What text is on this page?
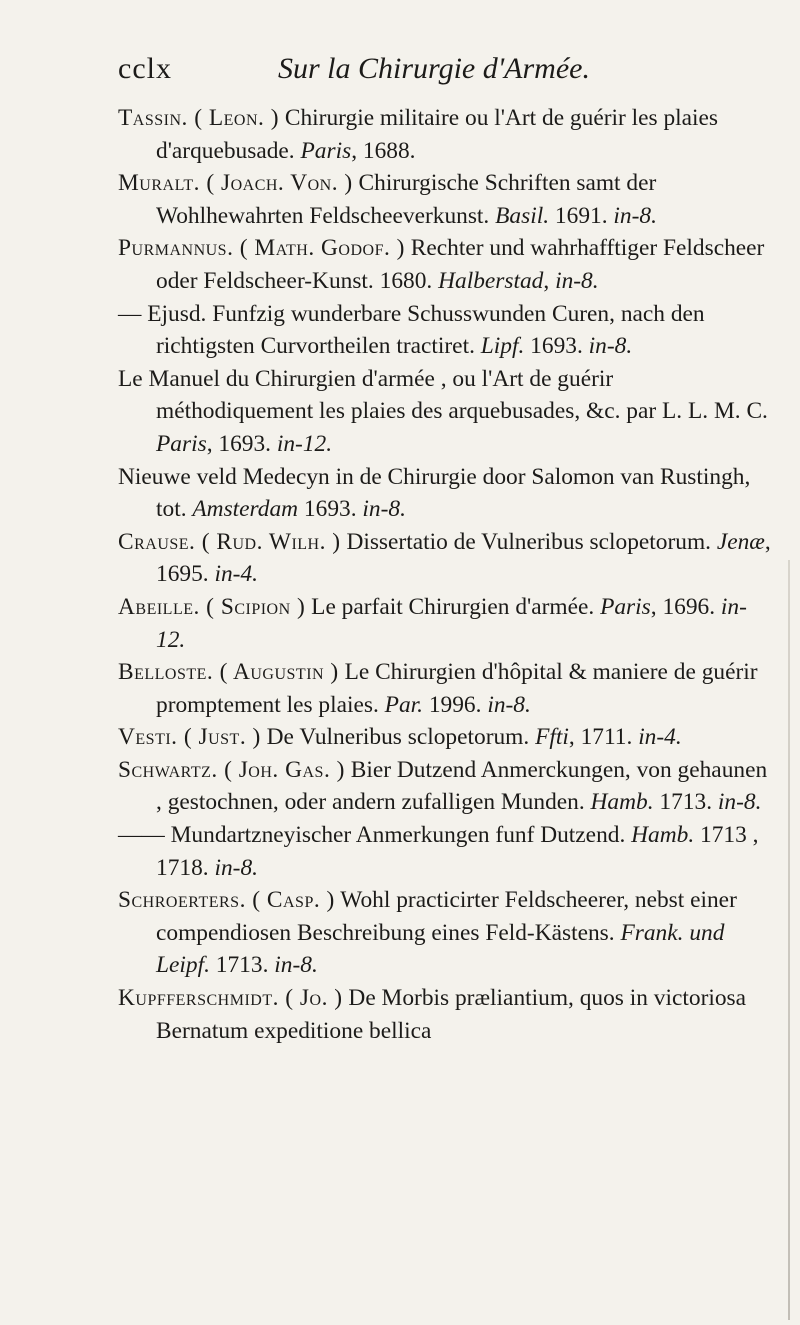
cclx	Sur la Chirurgie d'Armée.

Tassin. ( Leon. ) Chirurgie militaire ou l'Art de guérir les plaies d'arquebusade. Paris, 1688.

Muralt. ( Joach. Von. ) Chirurgische Schriften samt der Wohlhewahrten Feldscheeverkunst. Basil. 1691. in-8.

Purmannus. ( Math. Godof. ) Rechter und wahrhafftiger Feldscheer oder Feldscheer-Kunst. 1680. Halberstad, in-8.

— Ejusd. Funfzig wunderbare Schusswunden Curen, nach den richtigsten Curvortheilen tractiret. Lipf. 1693. in-8.

Le Manuel du Chirurgien d'armée , ou l'Art de guérir méthodiquement les plaies des arquebusades, &c. par L. L. M. C. Paris, 1693. in-12.

Nieuwe veld Medecyn in de Chirurgie door Salomon van Rustingh, tot. Amsterdam 1693. in-8.

Crause. ( Rud. Wilh. ) Dissertatio de Vulneribus sclopetorum. Jenæ, 1695. in-4.

Abeille. ( Scipion ) Le parfait Chirurgien d'armée. Paris, 1696. in-12.

Belloste. ( Augustin ) Le Chirurgien d'hôpital & maniere de guérir promptement les plaies. Par. 1996. in-8.

Vesti. ( Just. ) De Vulneribus sclopetorum. Ffti, 1711. in-4.

Schwartz. ( Joh. Gas. ) Bier Dutzend Anmerckungen, von gehaunen , gestochnen, oder andern zufalligen Munden. Hamb. 1713. in-8.

—— Mundartzneyischer Anmerkungen funf Dutzend. Hamb. 1713 , 1718. in-8.

Schroerters. ( Casp. ) Wohl practicirter Feldscheerer, nebst einer compendiosen Beschreibung eines Feld-Kästens. Frank. und Leipf. 1713. in-8.

Kupfferschmidt. ( Jo. ) De Morbis præliantium, quos in victoriosa Bernatum expeditione bellica
